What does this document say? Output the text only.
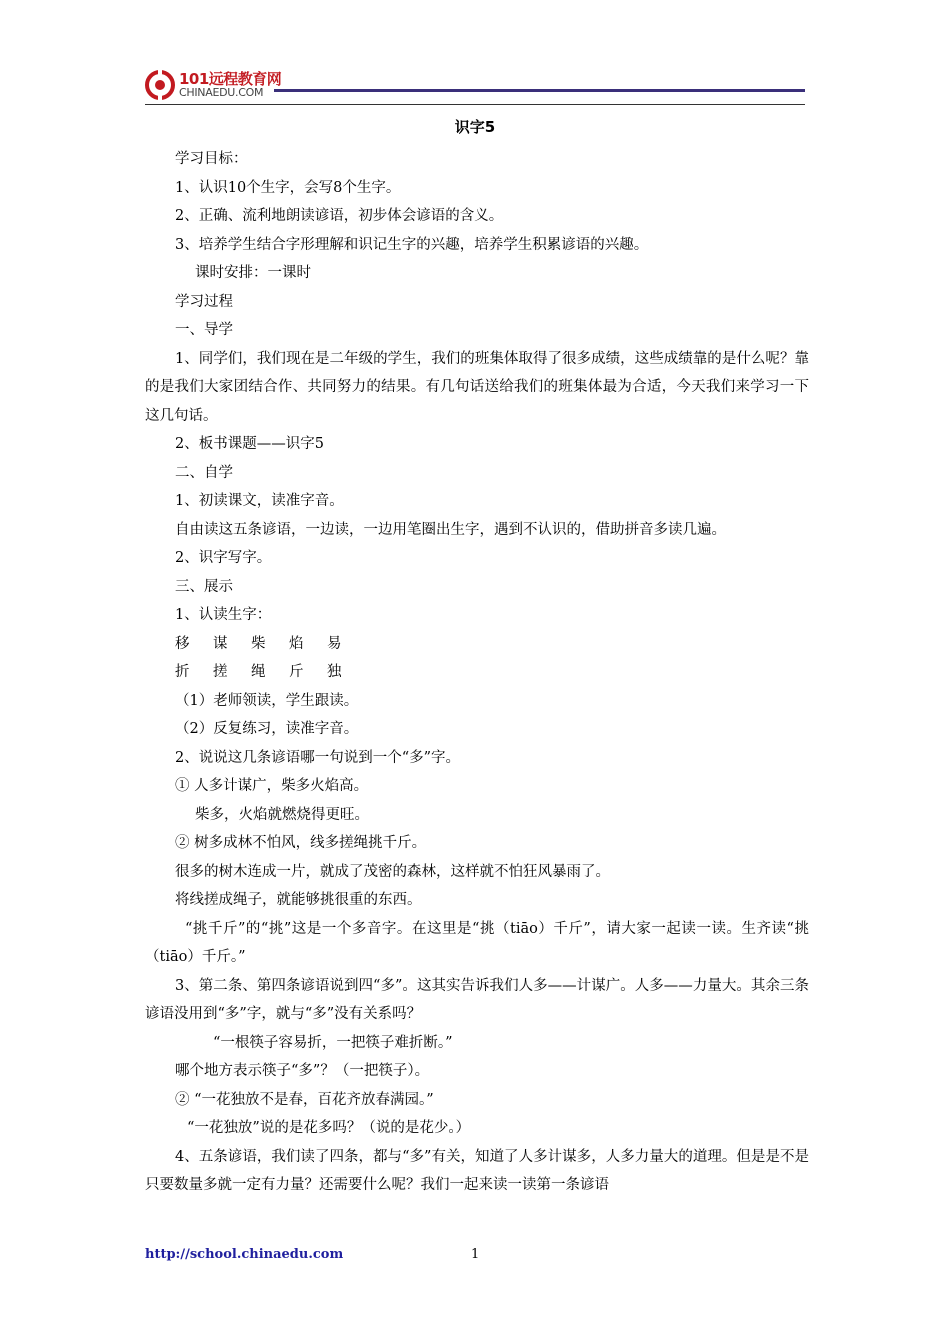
101远程教育网
CHINAEDU.COM
识字5

学习目标：

1、认识10个生字，会写8个生字。

2、正确、流利地朗读谚语，初步体会谚语的含义。

3、培养学生结合字形理解和识记生字的兴趣，培养学生积累谚语的兴趣。

课时安排：一课时

学习过程

一、导学

1、同学们，我们现在是二年级的学生，我们的班集体取得了很多成绩，这些成绩靠的是什么呢？靠的是我们大家团结合作、共同努力的结果。有几句话送给我们的班集体最为合适，今天我们来学习一下这几句话。

2、板书课题——识字5

二、自学

1、初读课文，读准字音。

自由读这五条谚语，一边读，一边用笔圈出生字，遇到不认识的，借助拼音多读几遍。

2、识字写字。

三、展示

1、认读生字：

移 谋 柴 焰 易

折 搓 绳 斤 独

（1）老师领读，学生跟读。

（2）反复练习，读准字音。

2、说说这几条谚语哪一句说到一个“多”字。

① 人多计谋广，柴多火焰高。

柴多，火焰就燃烧得更旺。

② 树多成林不怕风，线多搓绳挑千斤。

很多的树木连成一片，就成了茂密的森林，这样就不怕狂风暴雨了。

将线搓成绳子，就能够挑很重的东西。

“挑千斤”的“挑”这是一个多音字。在这里是“挑（tiāo）千斤”，请大家一起读一读。生齐读“挑（tiāo）千斤。”

3、第二条、第四条谚语说到四“多”。这其实告诉我们人多——计谋广。人多——力量大。其余三条谚语没用到“多”字，就与“多”没有关系吗？

“一根筷子容易折，一把筷子难折断。”

哪个地方表示筷子“多”？（一把筷子）。

② “一花独放不是春，百花齐放春满园。”

“一花独放”说的是花多吗？（说的是花少。）

4、五条谚语，我们读了四条，都与“多”有关，知道了人多计谋多，人多力量大的道理。但是是不是只要数量多就一定有力量？还需要什么呢？我们一起来读一读第一条谚语

http://school.chinaedu.com	1
